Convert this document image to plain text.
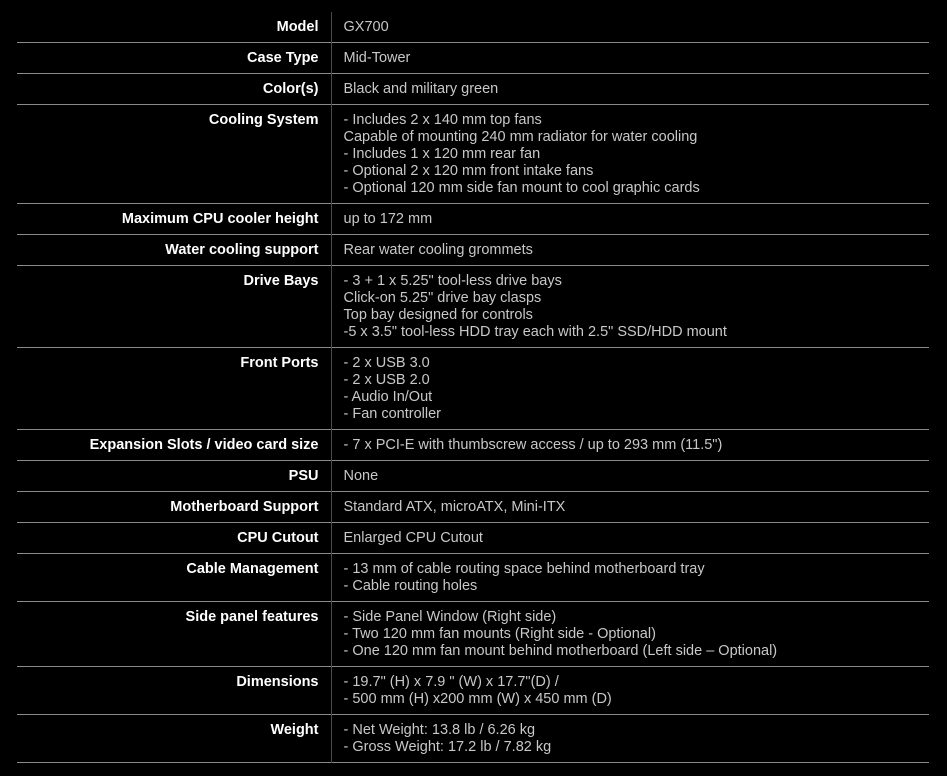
Model	GX700

Case Type	Mid-Tower

Color(s)	Black and military green

Cooling System	- Includes 2 x 140 mm top fans
Capable of mounting 240 mm radiator for water cooling
- Includes 1 x 120 mm rear fan
- Optional 2 x 120 mm front intake fans
- Optional 120 mm side fan mount to cool graphic cards

Maximum CPU cooler height	up to 172 mm

Water cooling support	Rear water cooling grommets

Drive Bays	- 3 + 1 x 5.25" tool-less drive bays
Click-on 5.25" drive bay clasps
Top bay designed for controls
-5 x 3.5" tool-less HDD tray each with 2.5" SSD/HDD mount

Front Ports	- 2 x USB 3.0
- 2 x USB 2.0
- Audio In/Out
- Fan controller

Expansion Slots / video card size	- 7 x PCI-E with thumbscrew access / up to 293 mm (11.5")

PSU	None

Motherboard Support	Standard ATX, microATX, Mini-ITX

CPU Cutout	Enlarged CPU Cutout

Cable Management	- 13 mm of cable routing space behind motherboard tray
- Cable routing holes

Side panel features	- Side Panel Window (Right side)
- Two 120 mm fan mounts (Right side - Optional)
- One 120 mm fan mount behind motherboard (Left side – Optional)

Dimensions	- 19.7" (H) x 7.9 " (W) x 17.7"(D) /
- 500 mm (H) x200 mm (W) x 450 mm (D)

Weight	- Net Weight: 13.8 lb / 6.26 kg
- Gross Weight: 17.2 lb / 7.82 kg
